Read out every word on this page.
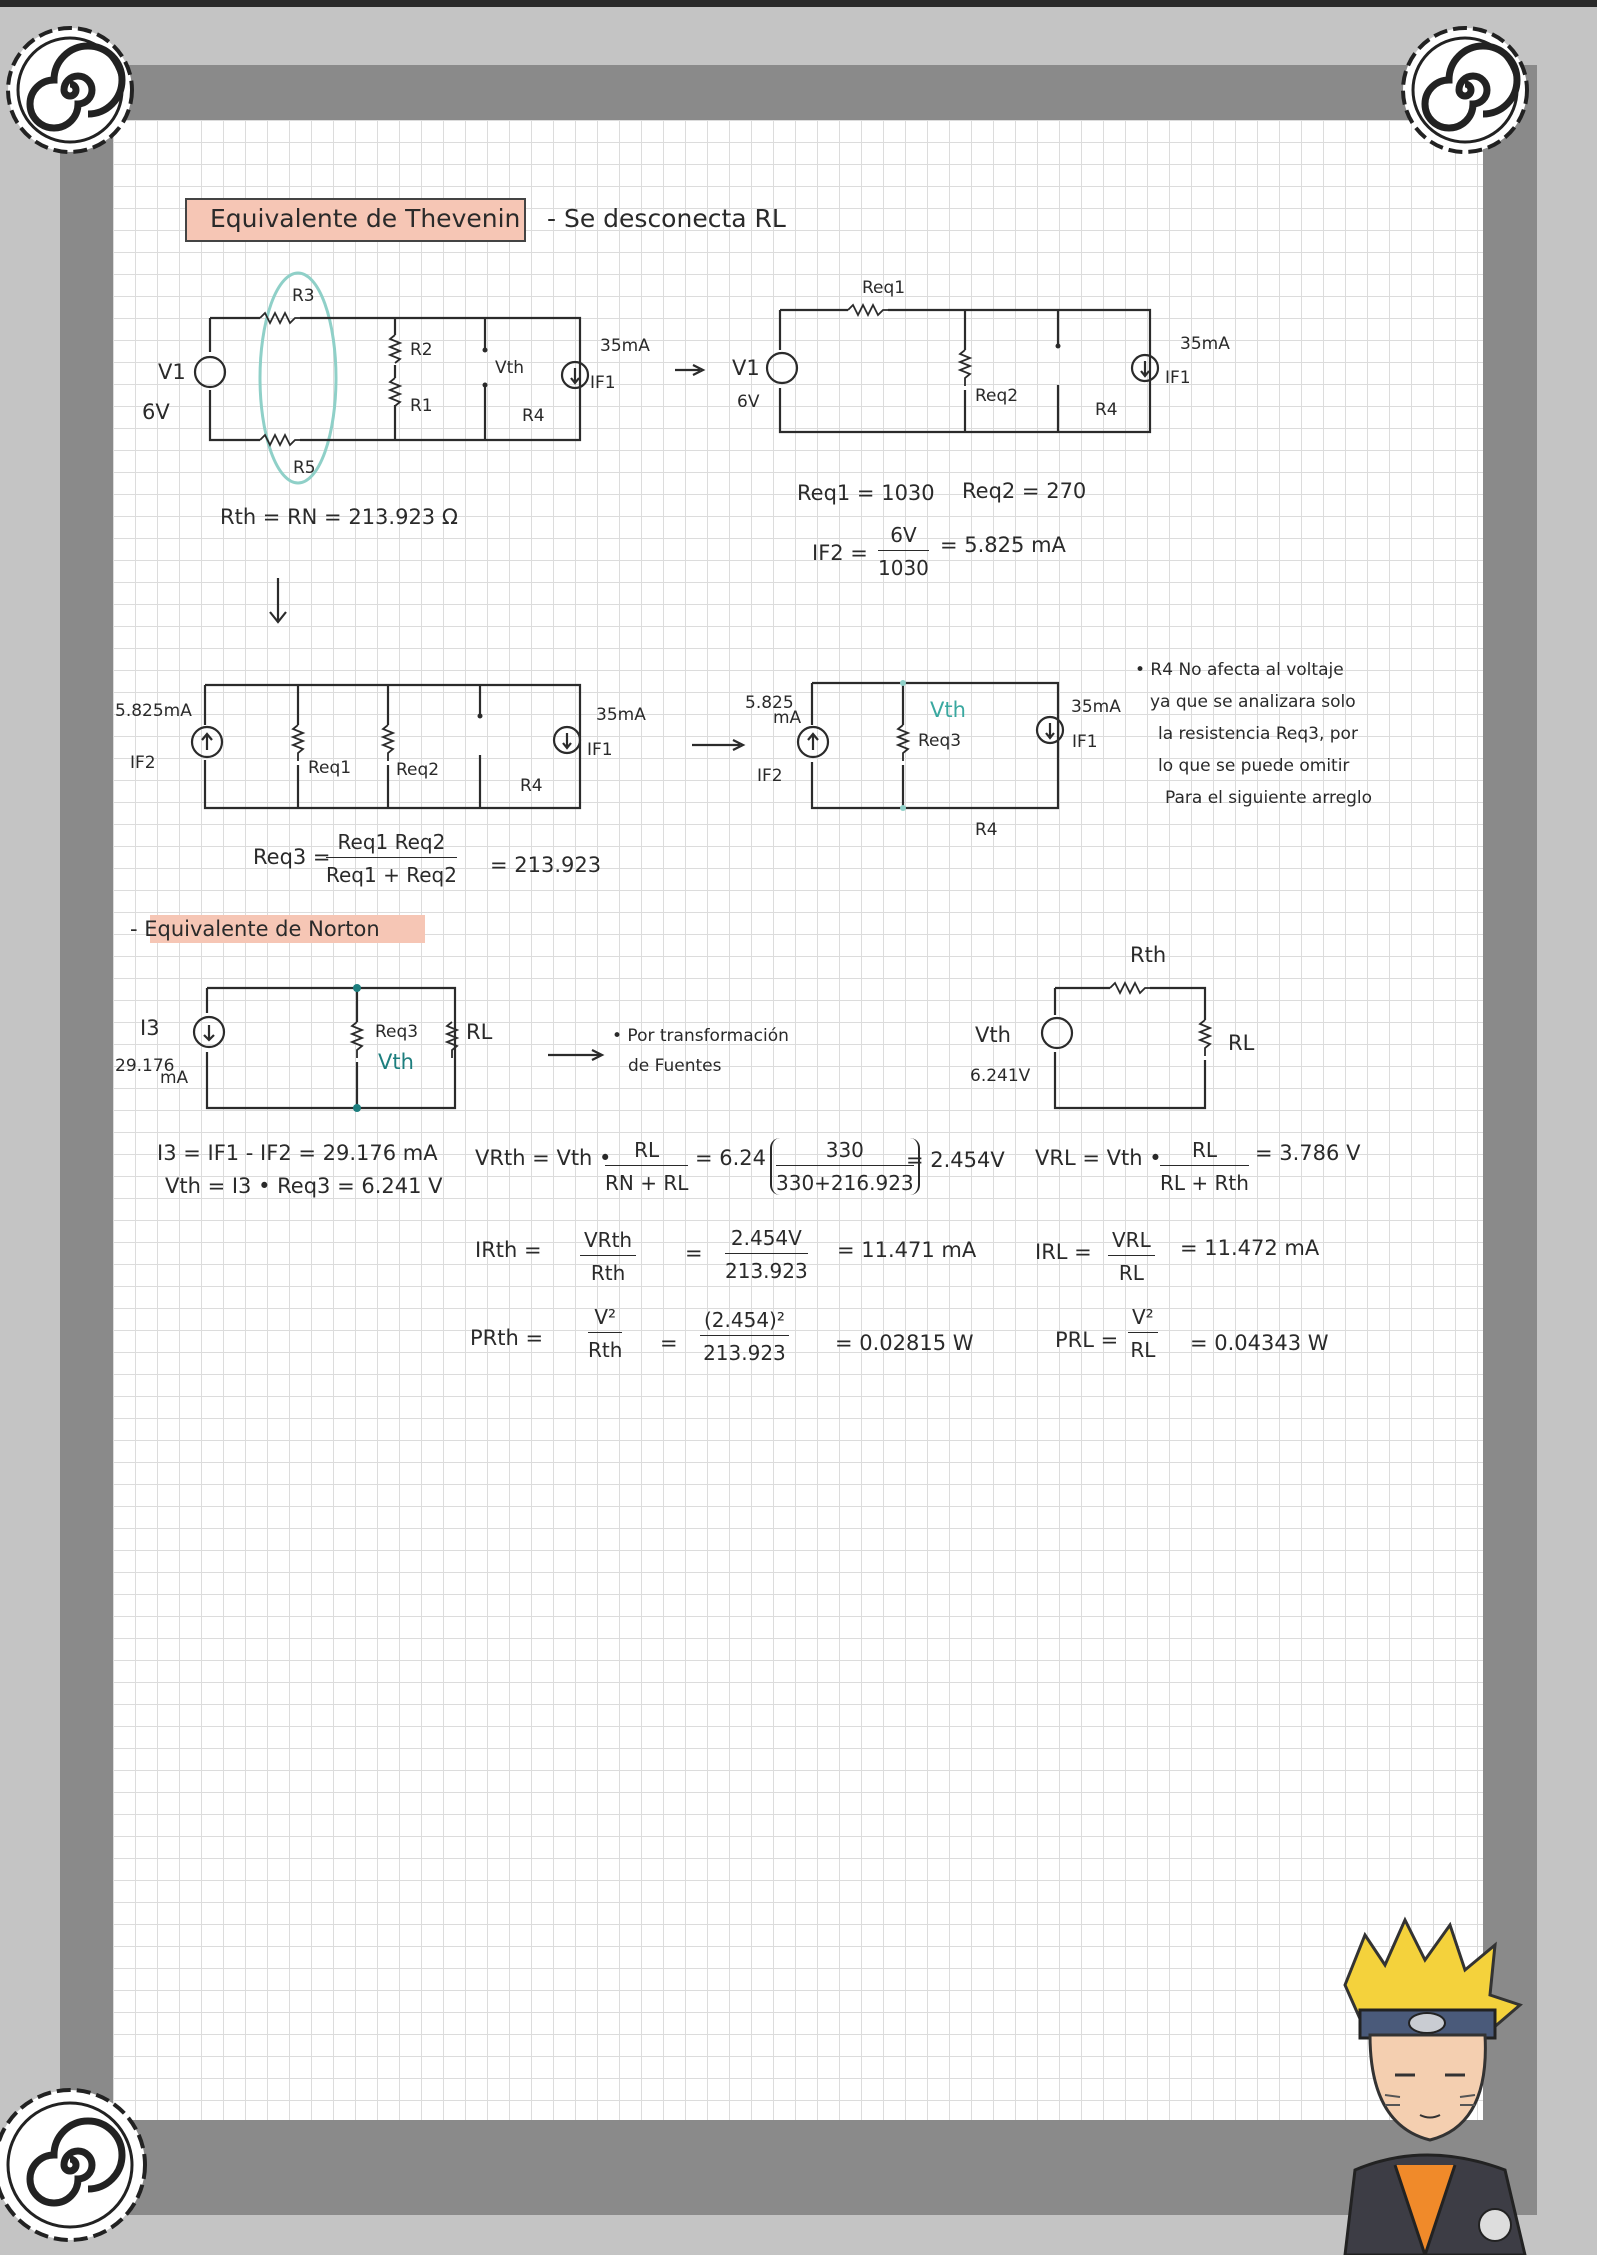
Equivalente de Thevenin - Se desconecta RL
R3
R2
R1
R5
R4
V1
6V
Vth
35mA
IF1
Rth = RN = 213.923 Ω
Req1
Req2
R4
V1
6V
35mA
IF1
Req1 = 1030 Req2 = 270
$IF2 = \frac{6V}{1030} = 5.825$ mA
5.825mA
IF2	Req1	Req2
R4
35mA
IF1
5.825
mA
IF2
Vth
Req3
R4
35mA
IF1
• R4 No afecta al voltaje
ya que se analizara solo
la resistencia Req3, por
lo que se puede omitir
Para el siguiente arreglo
Req3 =
Req1 Req2
Req1 + Req2 = 213.923
- Equivalente de Norton
I3
29.176
mA
Req3
Vth
RL	• Por transformación
de Fuentes
Rth
Vth
6.241V
RL
I3 = IF1 - IF2 = 29.176 mA
Vth = I3 • Req3 = 6.241 V
VRth = Vth •
$\frac{RL}{RN + RL} = 6.24 \frac{330}{330+216.923}$
= 2.454V VRL = Vth •	RL
RL + Rth
= 3.786 V
IRth = VRth
Rth
= $\frac{2.454V}{213.923} = 11.471$ mA	IRL = VRL
RL
= 11.472 mA
PRth =
V²
Rth = $\frac{\text{(2.454)²}}{213.923} = 0.02815$ W	PRL = $\frac{\text{V²}}{RL} = 0.04343$ W
